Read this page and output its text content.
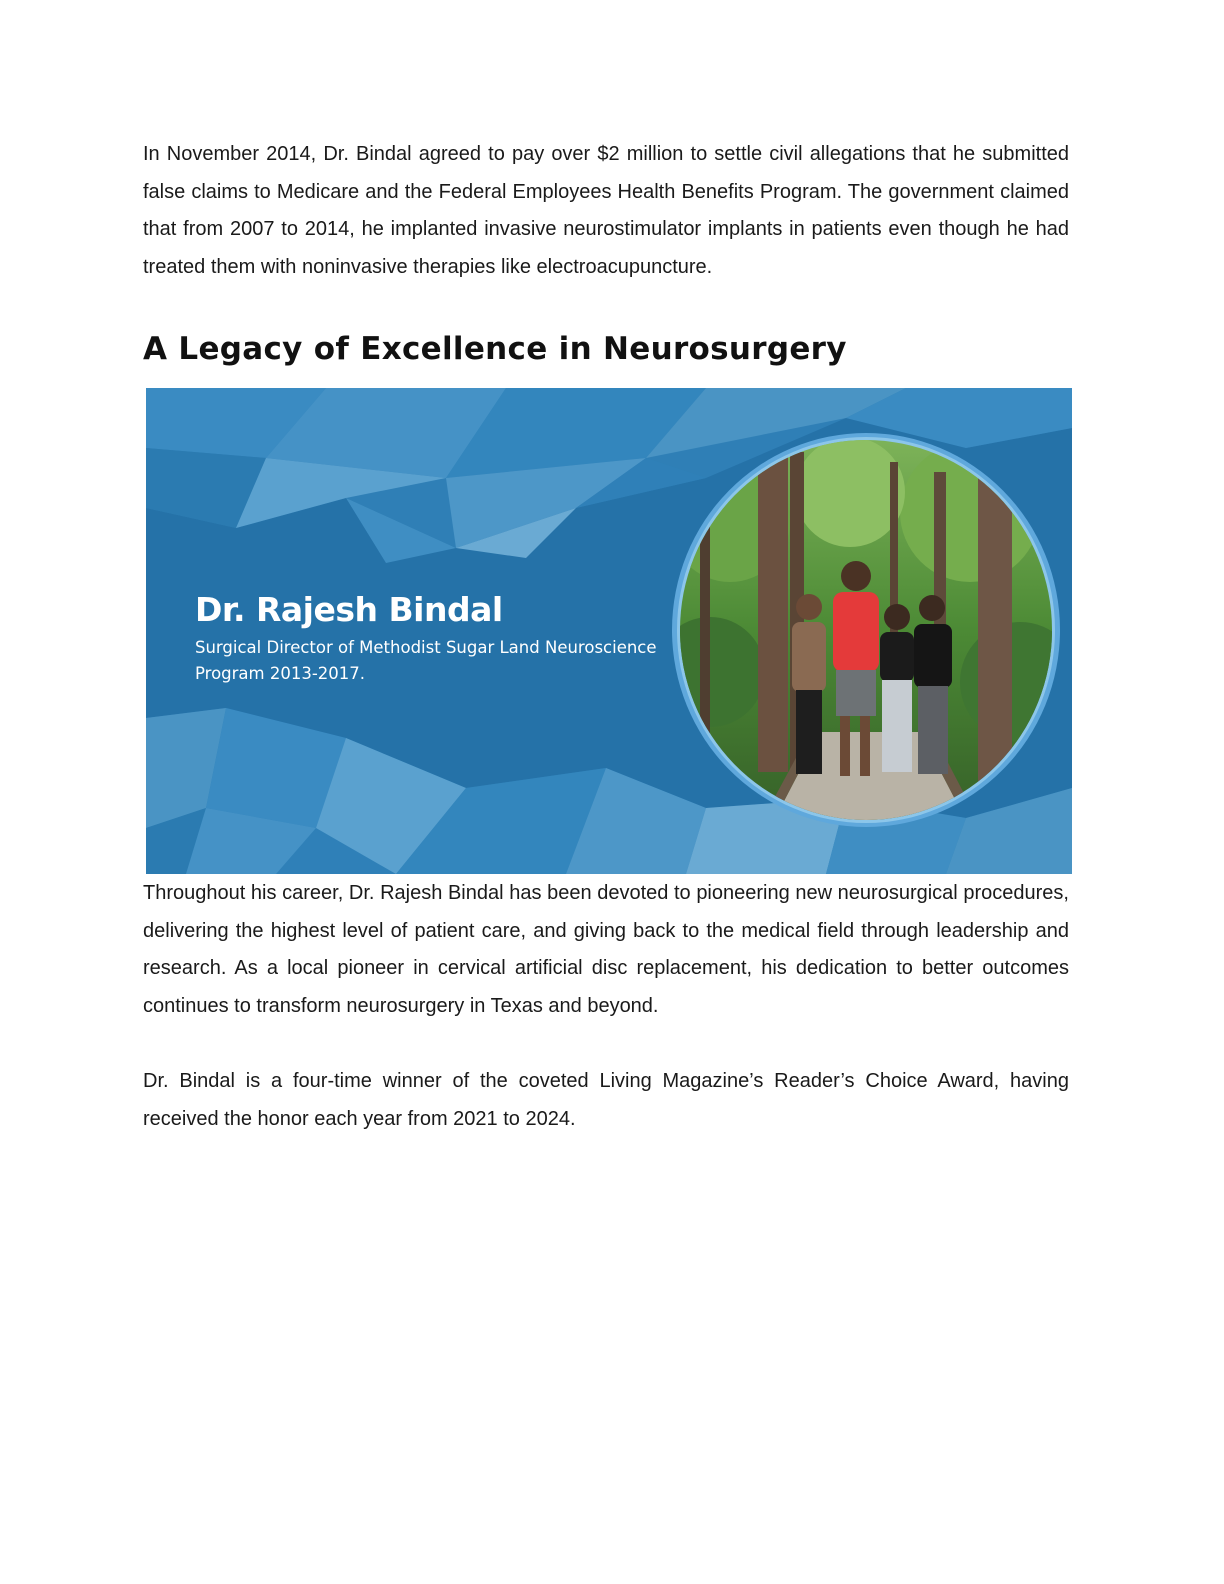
In November 2014, Dr. Bindal agreed to pay over $2 million to settle civil allegations that he submitted false claims to Medicare and the Federal Employees Health Benefits Program. The government claimed that from 2007 to 2014, he implanted invasive neurostimulator implants in patients even though he had treated them with noninvasive therapies like electroacupuncture.

A Legacy of Excellence in Neurosurgery
Dr. Rajesh Bindal

Surgical Director of Methodist Sugar Land Neuroscience Program 2013-2017.

Throughout his career, Dr. Rajesh Bindal has been devoted to pioneering new neurosurgical procedures, delivering the highest level of patient care, and giving back to the medical field through leadership and research. As a local pioneer in cervical artificial disc replacement, his dedication to better outcomes continues to transform neurosurgery in Texas and beyond.

Dr. Bindal is a four-time winner of the coveted Living Magazine’s Reader’s Choice Award, having received the honor each year from 2021 to 2024.
